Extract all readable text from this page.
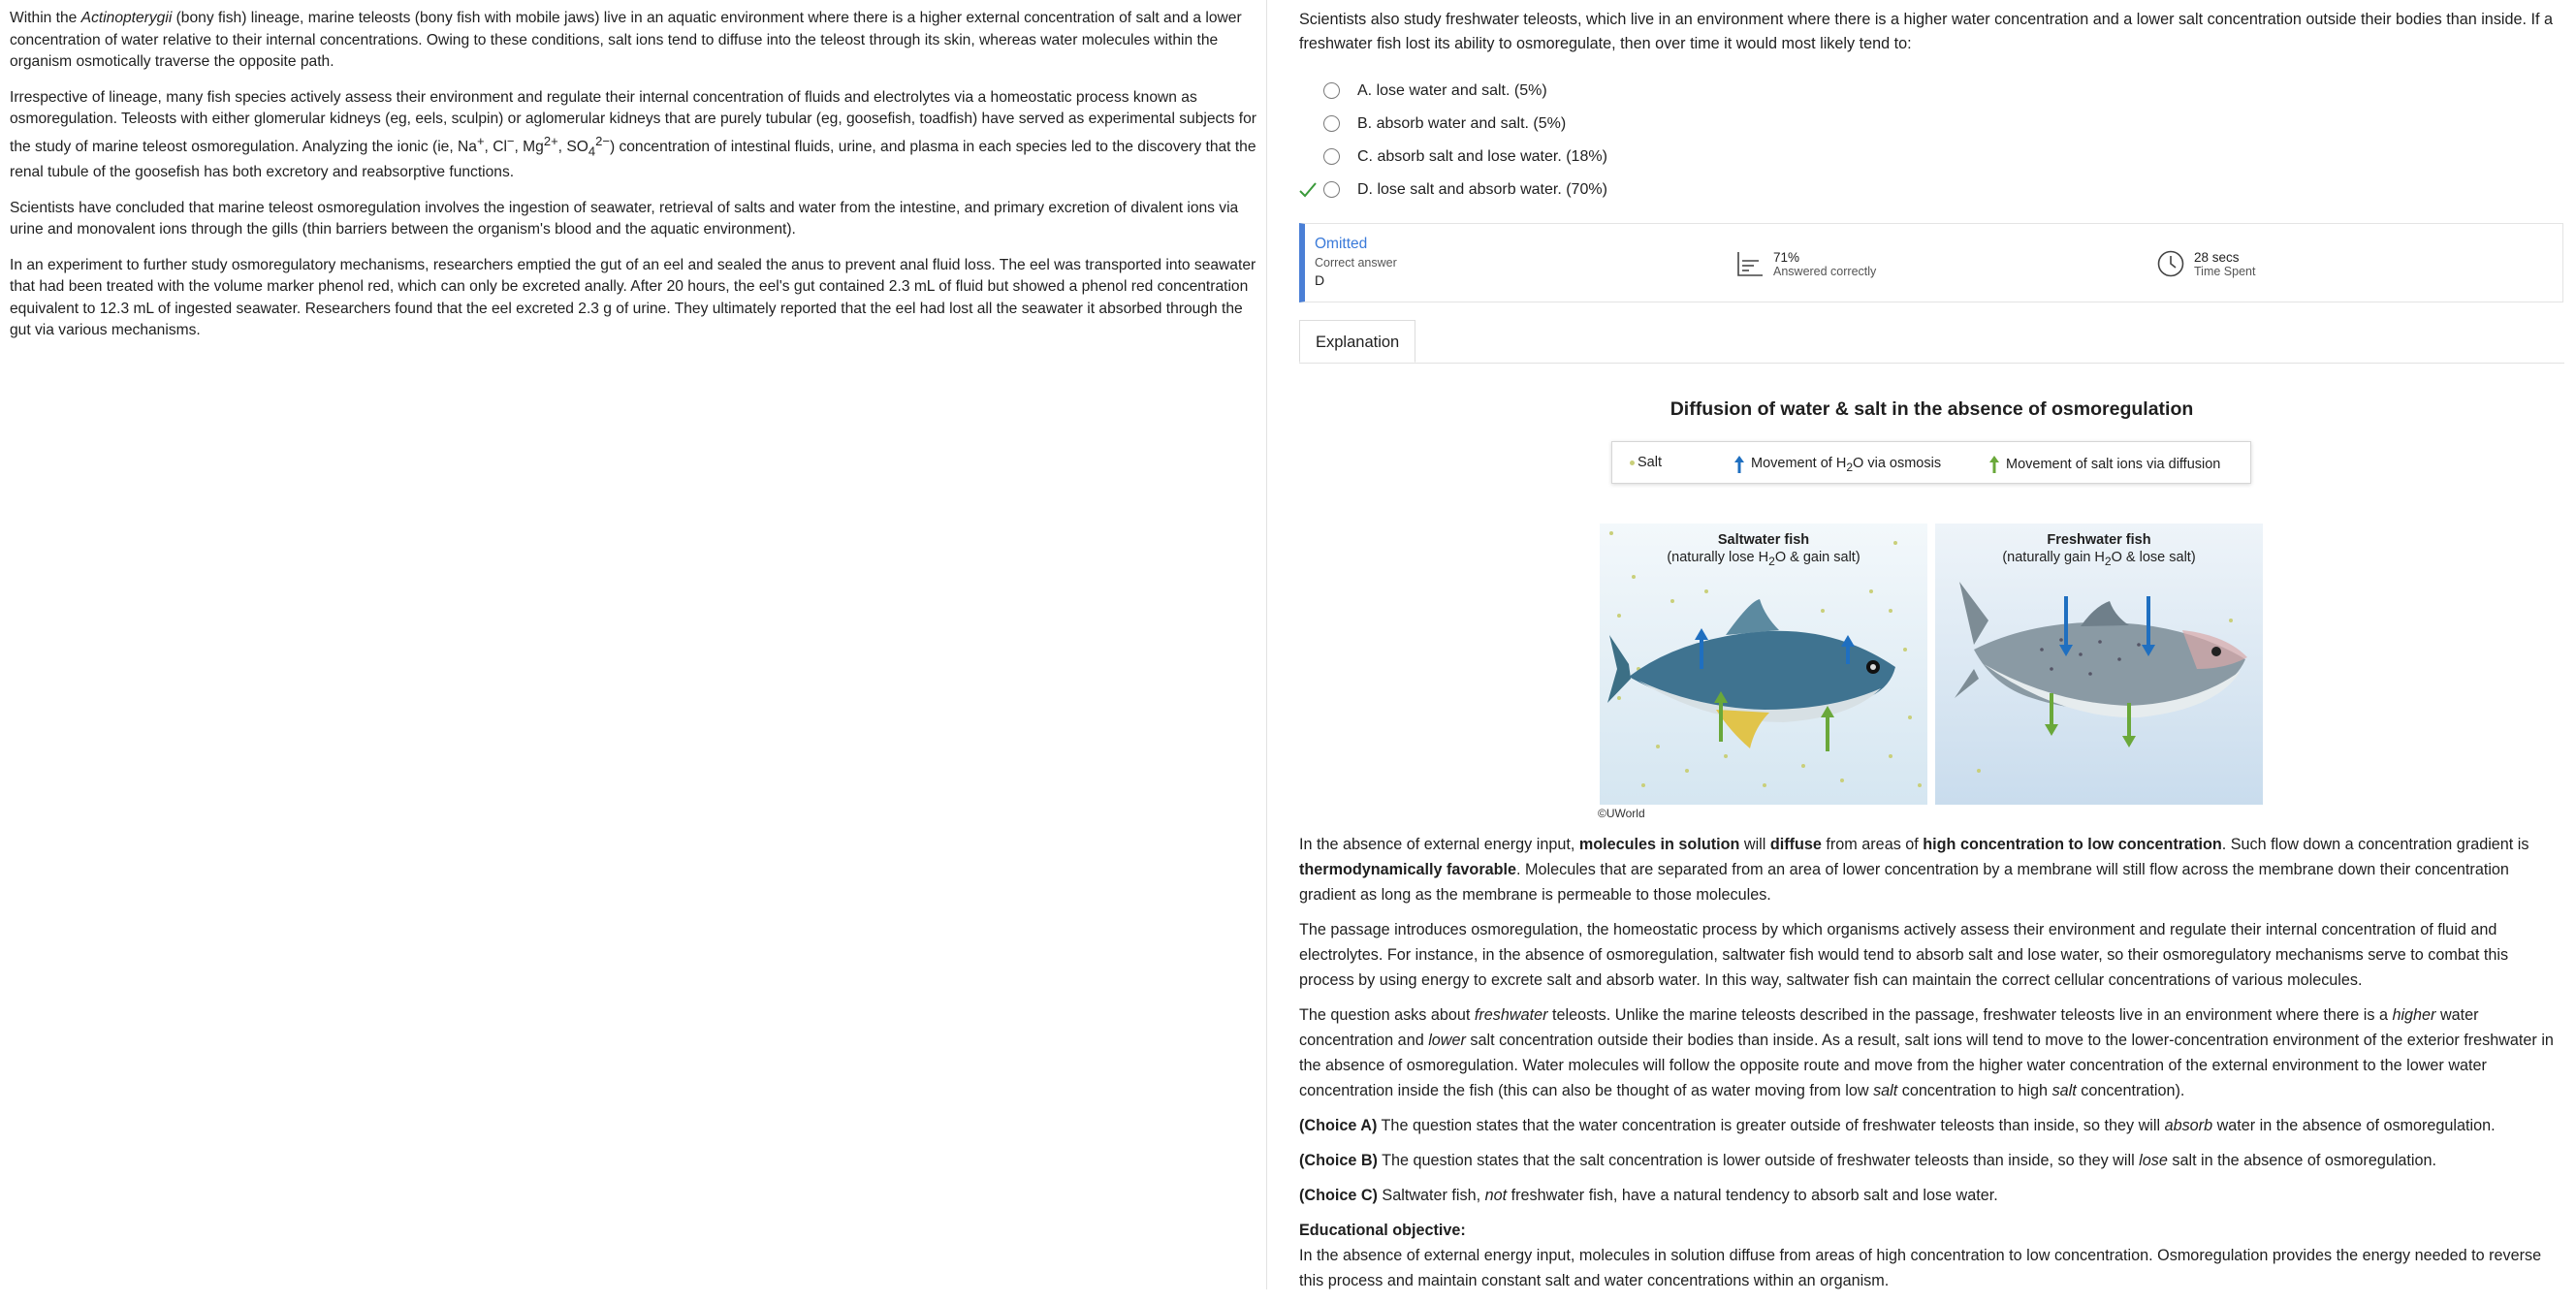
Within the Actinopterygii (bony fish) lineage, marine teleosts (bony fish with mobile jaws) live in an aquatic environment where there is a higher external concentration of salt and a lower concentration of water relative to their internal concentrations. Owing to these conditions, salt ions tend to diffuse into the teleost through its skin, whereas water molecules within the organism osmotically traverse the opposite path.

Irrespective of lineage, many fish species actively assess their environment and regulate their internal concentration of fluids and electrolytes via a homeostatic process known as osmoregulation. Teleosts with either glomerular kidneys (eg, eels, sculpin) or aglomerular kidneys that are purely tubular (eg, goosefish, toadfish) have served as experimental subjects for the study of marine teleost osmoregulation. Analyzing the ionic (ie, Na+, Cl−, $Mg^{2+}$, $SO_4^{2-}$) concentration of intestinal fluids, urine, and plasma in each species led to the discovery that the renal tubule of the goosefish has both excretory and reabsorptive functions.

Scientists have concluded that marine teleost osmoregulation involves the ingestion of seawater, retrieval of salts and water from the intestine, and primary excretion of divalent ions via urine and monovalent ions through the gills (thin barriers between the organism's blood and the aquatic environment).

In an experiment to further study osmoregulatory mechanisms, researchers emptied the gut of an eel and sealed the anus to prevent anal fluid loss. The eel was transported into seawater that had been treated with the volume marker phenol red, which can only be excreted anally. After 20 hours, the eel's gut contained 2.3 mL of fluid but showed a phenol red concentration equivalent to 12.3 mL of ingested seawater. Researchers found that the eel excreted 2.3 g of urine. They ultimately reported that the eel had lost all the seawater it absorbed through the gut via various mechanisms.

Scientists also study freshwater teleosts, which live in an environment where there is a higher water concentration and a lower salt concentration outside their bodies than inside. If a freshwater fish lost its ability to osmoregulate, then over time it would most likely tend to:

A. lose water and salt. (5%)
B. absorb water and salt. (5%)
C. absorb salt and lose water. (18%)
D. lose salt and absorb water. (70%)
Omitted
Correct answer
D
71%
Answered correctly
28 secs
Time Spent
Explanation
Diffusion of water & salt in the absence of osmoregulation
Salt	Movement of $H_2O$ via osmosis	Movement of salt ions via diffusion
Saltwater fish
(naturally lose $H_2O$ & gain salt)
Freshwater fish
(naturally gain $H_2O$ & lose salt)
©UWorld

In the absence of external energy input, molecules in solution will diffuse from areas of high concentration to low concentration. Such flow down a concentration gradient is thermodynamically favorable. Molecules that are separated from an area of lower concentration by a membrane will still flow across the membrane down their concentration gradient as long as the membrane is permeable to those molecules.

The passage introduces osmoregulation, the homeostatic process by which organisms actively assess their environment and regulate their internal concentration of fluid and electrolytes. For instance, in the absence of osmoregulation, saltwater fish would tend to absorb salt and lose water, so their osmoregulatory mechanisms serve to combat this process by using energy to excrete salt and absorb water. In this way, saltwater fish can maintain the correct cellular concentrations of various molecules.

The question asks about freshwater teleosts. Unlike the marine teleosts described in the passage, freshwater teleosts live in an environment where there is a higher water concentration and lower salt concentration outside their bodies than inside. As a result, salt ions will tend to move to the lower-concentration environment of the exterior freshwater in the absence of osmoregulation. Water molecules will follow the opposite route and move from the higher water concentration of the external environment to the lower water concentration inside the fish (this can also be thought of as water moving from low salt concentration to high salt concentration).

(Choice A) The question states that the water concentration is greater outside of freshwater teleosts than inside, so they will absorb water in the absence of osmoregulation.

(Choice B) The question states that the salt concentration is lower outside of freshwater teleosts than inside, so they will lose salt in the absence of osmoregulation.

(Choice C) Saltwater fish, not freshwater fish, have a natural tendency to absorb salt and lose water.

Educational objective:

In the absence of external energy input, molecules in solution diffuse from areas of high concentration to low concentration. Osmoregulation provides the energy needed to reverse this process and maintain constant salt and water concentrations within an organism.
